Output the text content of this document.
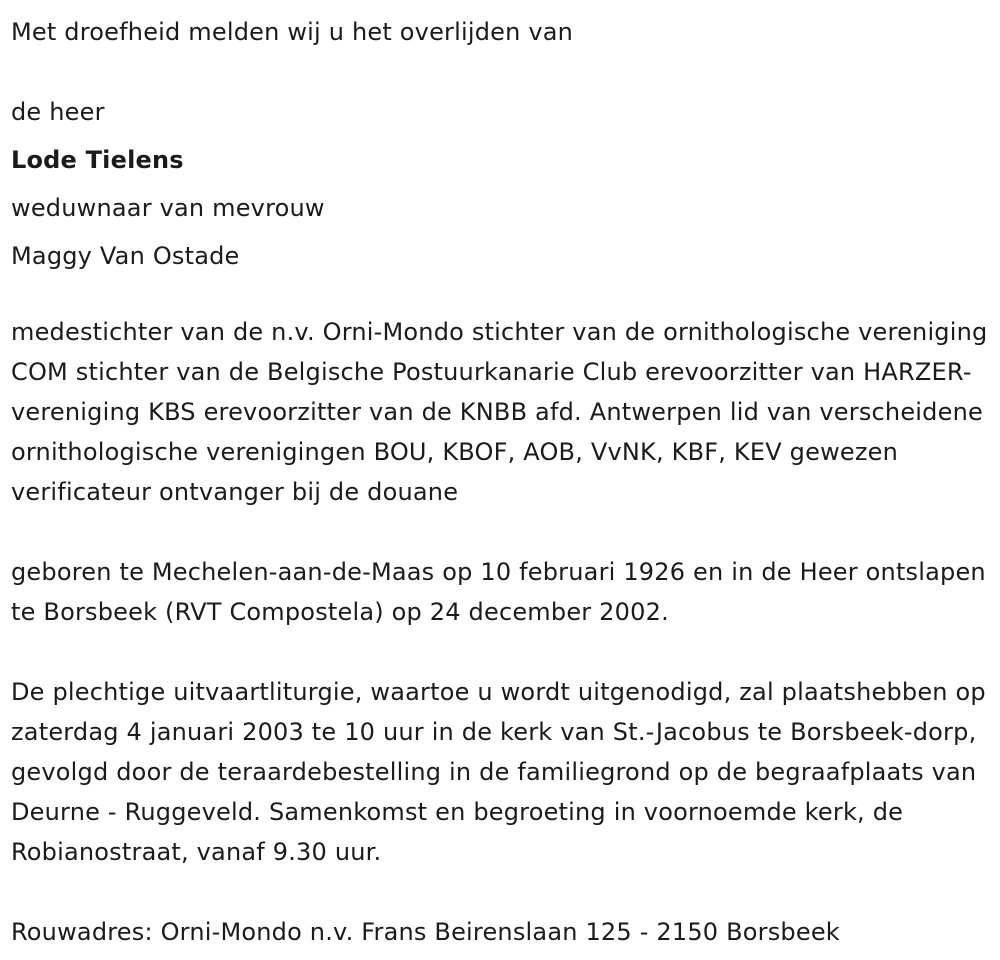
Met droefheid melden wij u het overlijden van

de heer

Lode Tielens

weduwnaar van mevrouw

Maggy Van Ostade

medestichter van de n.v. Orni-Mondo stichter van de ornithologische vereniging COM stichter van de Belgische Postuurkanarie Club erevoorzitter van HARZER-vereniging KBS erevoorzitter van de KNBB afd. Antwerpen lid van verscheidene ornithologische verenigingen BOU, KBOF, AOB, VvNK, KBF, KEV gewezen verificateur ontvanger bij de douane

geboren te Mechelen-aan-de-Maas op 10 februari 1926 en in de Heer ontslapen te Borsbeek (RVT Compostela) op 24 december 2002.

De plechtige uitvaartliturgie, waartoe u wordt uitgenodigd, zal plaatshebben op zaterdag 4 januari 2003 te 10 uur in de kerk van St.-Jacobus te Borsbeek-dorp, gevolgd door de teraardebestelling in de familiegrond op de begraafplaats van Deurne - Ruggeveld. Samenkomst en begroeting in voornoemde kerk, de Robianostraat, vanaf 9.30 uur.

Rouwadres: Orni-Mondo n.v. Frans Beirenslaan 125 - 2150 Borsbeek
